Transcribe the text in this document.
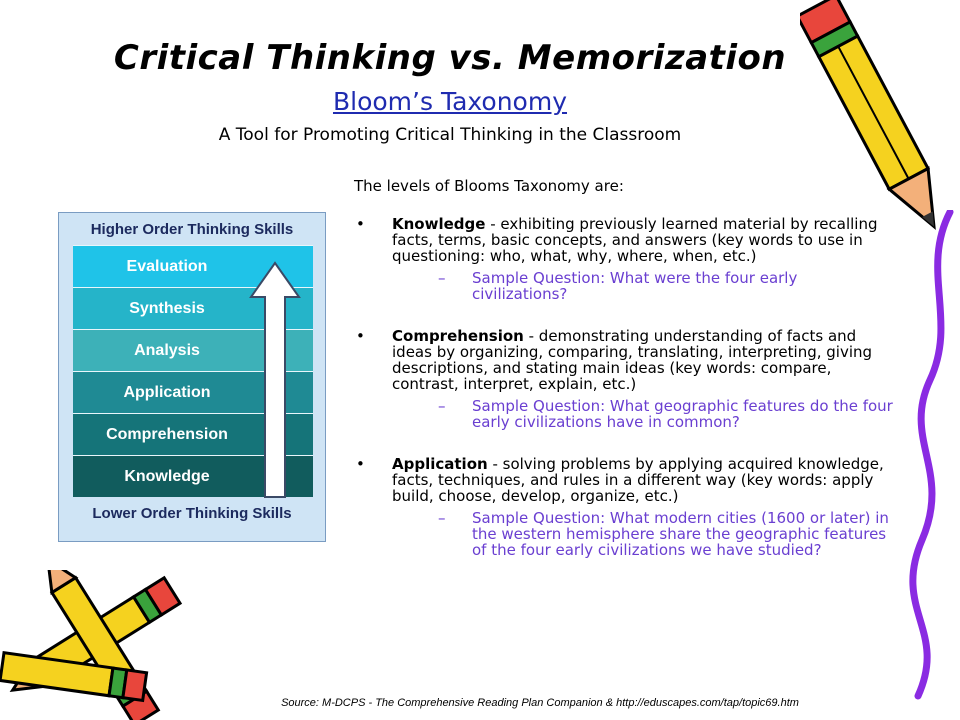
Critical Thinking vs. Memorization
Bloom’s Taxonomy
A Tool for Promoting Critical Thinking in the Classroom
Higher Order Thinking Skills
Evaluation
Synthesis
Analysis
Application
Comprehension
Knowledge
Lower Order Thinking Skills

The levels of Blooms Taxonomy are:

• Knowledge - exhibiting previously learned material by recalling facts, terms, basic concepts, and answers (key words to use in questioning: who, what, why, where, when, etc.)
– Sample Question: What were the four early civilizations?
• Comprehension - demonstrating understanding of facts and ideas by organizing, comparing, translating, interpreting, giving descriptions, and stating main ideas (key words: compare, contrast, interpret, explain, etc.)
– Sample Question: What geographic features do the four early civilizations have in common?
• Application - solving problems by applying acquired knowledge, facts, techniques, and rules in a different way (key words: apply build, choose, develop, organize, etc.)
– Sample Question: What modern cities (1600 or later) in the western hemisphere share the geographic features of the four early civilizations we have studied?
Source: M-DCPS - The Comprehensive Reading Plan Companion & http://eduscapes.com/tap/topic69.htm
